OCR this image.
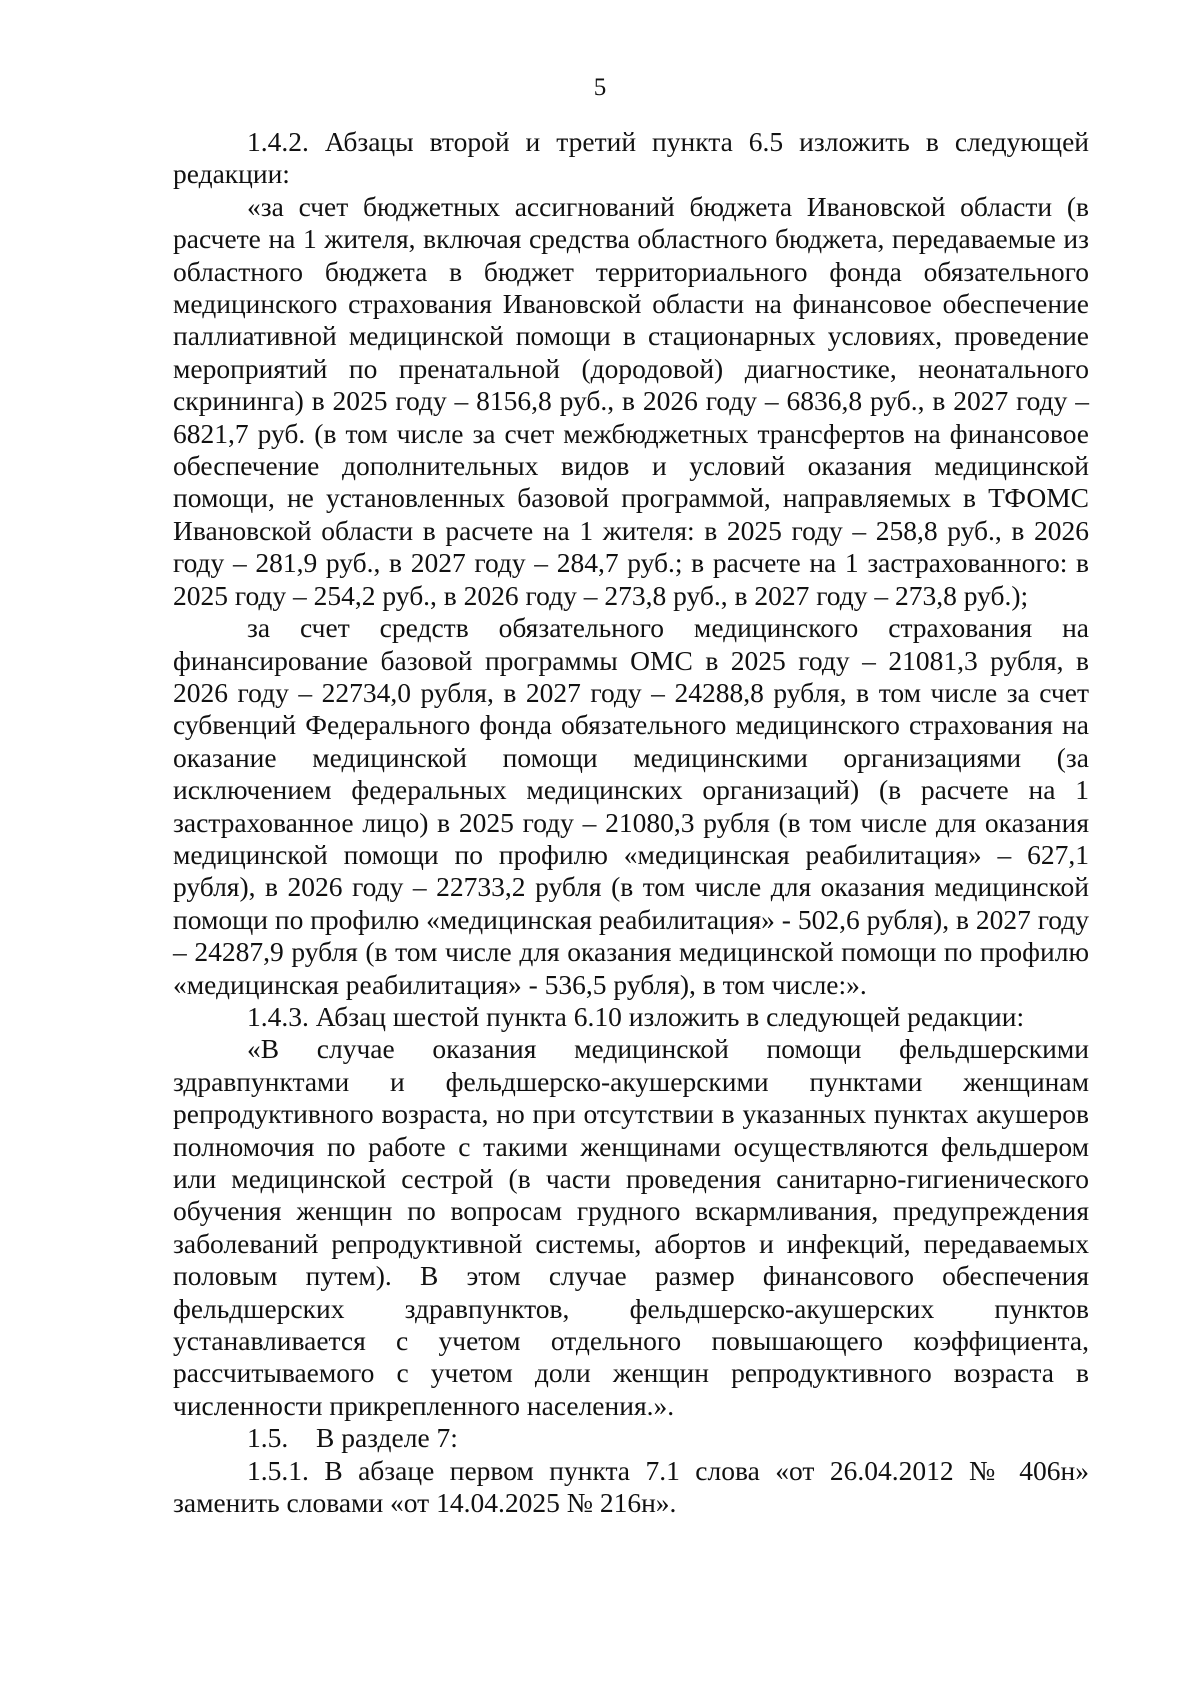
5

1.4.2. Абзацы второй и третий пункта 6.5 изложить в следующей редакции:

«за счет бюджетных ассигнований бюджета Ивановской области (в расчете на 1 жителя, включая средства областного бюджета, передаваемые из областного бюджета в бюджет территориального фонда обязательного медицинского страхования Ивановской области на финансовое обеспечение паллиативной медицинской помощи в стационарных условиях, проведение мероприятий по пренатальной (дородовой) диагностике, неонатального скрининга) в 2025 году – 8156,8 руб., в 2026 году – 6836,8 руб., в 2027 году – 6821,7 руб. (в том числе за счет межбюджетных трансфертов на финансовое обеспечение дополнительных видов и условий оказания медицинской помощи, не установленных базовой программой, направляемых в ТФОМС Ивановской области в расчете на 1 жителя: в 2025 году – 258,8 руб., в 2026 году – 281,9 руб., в 2027 году – 284,7 руб.; в расчете на 1 застрахованного: в 2025 году – 254,2 руб., в 2026 году – 273,8 руб., в 2027 году – 273,8 руб.);

за счет средств обязательного медицинского страхования на финансирование базовой программы ОМС в 2025 году – 21081,3 рубля, в 2026 году – 22734,0 рубля, в 2027 году – 24288,8 рубля, в том числе за счет субвенций Федерального фонда обязательного медицинского страхования на оказание медицинской помощи медицинскими организациями (за исключением федеральных медицинских организаций) (в расчете на 1 застрахованное лицо) в 2025 году – 21080,3 рубля (в том числе для оказания медицинской помощи по профилю «медицинская реабилитация» – 627,1 рубля), в 2026 году – 22733,2 рубля (в том числе для оказания медицинской помощи по профилю «медицинская реабилитация» - 502,6 рубля), в 2027 году – 24287,9 рубля (в том числе для оказания медицинской помощи по профилю «медицинская реабилитация» - 536,5 рубля), в том числе:».

1.4.3. Абзац шестой пункта 6.10 изложить в следующей редакции:

«В случае оказания медицинской помощи фельдшерскими здравпунктами и фельдшерско-акушерскими пунктами женщинам репродуктивного возраста, но при отсутствии в указанных пунктах акушеров полномочия по работе с такими женщинами осуществляются фельдшером или медицинской сестрой (в части проведения санитарно-гигиенического обучения женщин по вопросам грудного вскармливания, предупреждения заболеваний репродуктивной системы, абортов и инфекций, передаваемых половым путем). В этом случае размер финансового обеспечения фельдшерских здравпунктов, фельдшерско-акушерских пунктов устанавливается с учетом отдельного повышающего коэффициента, рассчитываемого с учетом доли женщин репродуктивного возраста в численности прикрепленного населения.».

1.5. В разделе 7:

1.5.1. В абзаце первом пункта 7.1 слова «от 26.04.2012 № 406н» заменить словами «от 14.04.2025 № 216н».
